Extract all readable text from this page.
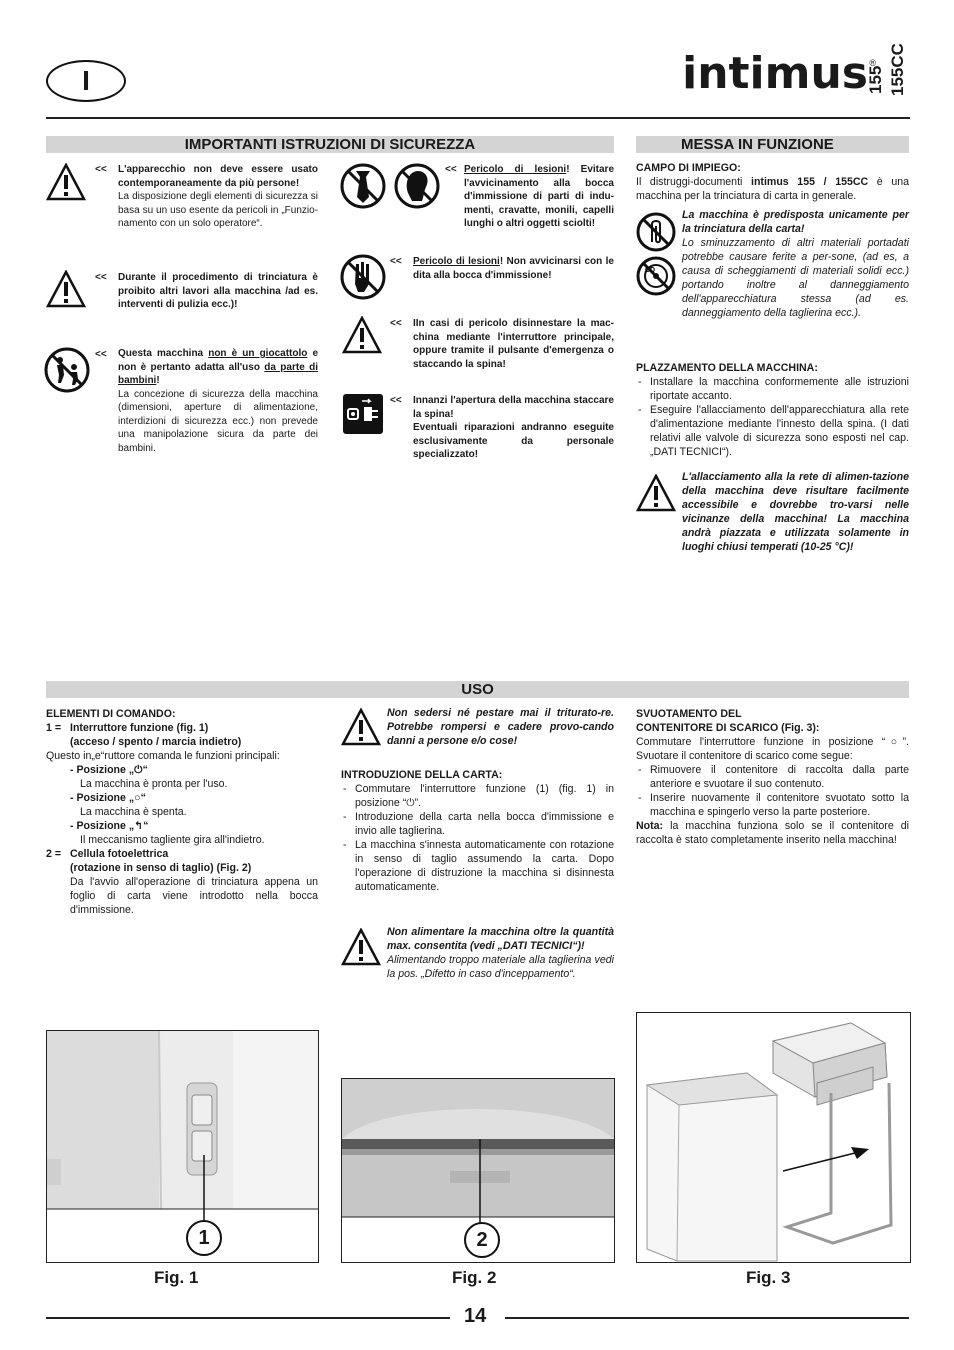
I	intimus ®
155 155CC
IMPORTANTI ISTRUZIONI DI SICUREZZA
<< L'apparecchio non deve essere usato contemporaneamente da più persone!
La disposizione degli elementi di sicurezza si basa su un uso esente da pericoli in „Funzio-namento con un solo operatore“.
<< Durante il procedimento di trinciatura è proibito altri lavori alla macchina /ad es. interventi di pulizia ecc.)!
<< Questa macchina non è un giocattolo e non è pertanto adatta all'uso da parte di bambini!
La concezione di sicurezza della macchina (dimensioni, aperture di alimentazione, interdizioni di sicurezza ecc.) non prevede una manipolazione sicura da parte dei bambini.
<< Pericolo di lesioni! Evitare l'avvicinamento alla bocca d'immissione di parti di indu-menti, cravatte, monili, capelli lunghi o altri oggetti sciolti!
<< Pericolo di lesioni! Non avvicinarsi con le dita alla bocca d'immissione!
<< IIn casi di pericolo disinnestare la mac-china mediante l'interruttore principale, oppure tramite il pulsante d'emergenza o staccando la spina!
<< Innanzi l'apertura della macchina staccare la spina!
Eventuali riparazioni andranno eseguite esclusivamente da personale specializzato!
MESSA IN FUNZIONE
CAMPO DI IMPIEGO:
Il distruggi-documenti intimus 155 / 155CC è una macchina per la trinciatura di carta in generale.
CD
La macchina è predisposta unicamente per la trinciatura della carta!
Lo sminuzzamento di altri materiali portadati potrebbe causare ferite a per-sone, (ad es, a causa di scheggiamenti di materiali solidi ecc.) portando inoltre al danneggiamento dell'apparecchiatura stessa (ad es. danneggiamento della taglierina ecc.).
PLAZZAMENTO DELLA MACCHINA:
- Installare la macchina conformemente alle istruzioni riportate accanto.
- Eseguire l'allacciamento dell'apparecchiatura alla rete d'alimentazione mediante l'innesto della spina. (I dati relativi alle valvole di sicurezza sono esposti nel cap. „DATI TECNICI“).
L'allacciamento alla la rete di alimen-tazione della macchina deve risultare facilmente accessibile e dovrebbe tro-varsi nelle vicinanze della macchina! La macchina andrà piazzata e utilizzata solamente in luoghi chiusi temperati (10-25 °C)!
USO
ELEMENTI DI COMANDO:
1 = Interruttore funzione (fig. 1)
(acceso / spento / marcia indietro)
Questo in„e“ruttore comanda le funzioni principali:
- Posizione „⏻“
La macchina è pronta per l'uso.
- Posizione „○“
La macchina è spenta.
- Posizione „↰“
Il meccanismo tagliente gira all'indietro.
2 = Cellula fotoelettrica
(rotazione in senso di taglio) (Fig. 2)
Da l'avvio all'operazione di trinciatura appena un foglio di carta viene introdotto nella bocca d'immissione.
Non sedersi né pestare mai il trituratо-re. Potrebbe rompersi e cadere provo-cando danni a persone e/o cose!
INTRODUZIONE DELLA CARTA:
- Commutare l'interruttore funzione (1) (fig. 1) in posizione “⏻”.
- Introduzione della carta nella bocca d'immissione e invio alle taglierina.
- La macchina s'innesta automaticamente con rotazione in senso di taglio assumendo la carta. Dopo l'operazione di distruzione la macchina si disinnesta automaticamente.
Non alimentare la macchina oltre la quantità max. consentita (vedi „DATI TECNICI“)!
Alimentando troppo materiale alla taglierina vedi la pos. „Difetto in caso d'inceppamento“.
SVUOTAMENTO DEL
CONTENITORE DI SCARICO (Fig. 3):
Commutare l'interruttore funzione in posizione “○”. Svuotare il contenitore di scarico come segue:
- Rimuovere il contenitore di raccolta dalla parte anteriore e svuotare il suo contenuto.
- Inserire nuovamente il contenitore svuotato sotto la macchina e spingerlo verso la parte posteriore.
Nota: la macchina funziona solo se il contenitore di raccolta è stato completamente inserito nella macchina!
1
Fig. 1
2
Fig. 2	Fig. 3
14
